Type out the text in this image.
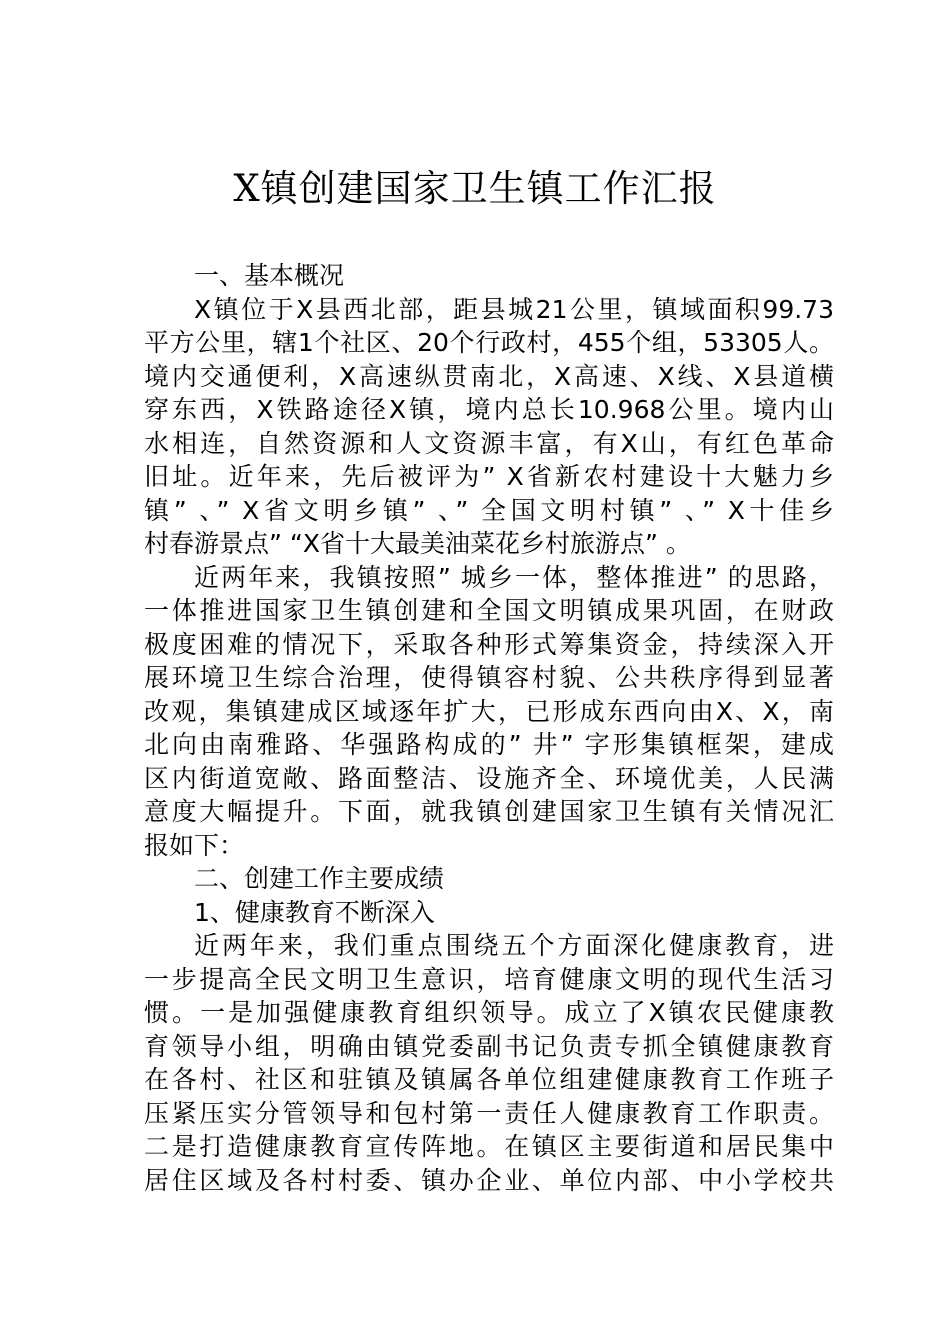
X镇创建国家卫生镇工作汇报
一、基本概况
X镇位于X县西北部，距县城21公里，镇域面积99.73
平方公里，辖1个社区、20个行政村，455个组，53305人。
境内交通便利，X高速纵贯南北，X高速、X线、X县道横
穿东西，X铁路途径X镇，境内总长10.968公里。境内山
水相连，自然资源和人文资源丰富，有X山，有红色革命
旧址。近年来，先后被评为” X省新农村建设十大魅力乡
镇” 、” X省文明乡镇” 、” 全国文明村镇” 、” X十佳乡
村春游景点” “X省十大最美油菜花乡村旅游点” 。
近两年来，我镇按照” 城乡一体，整体推进” 的思路，
一体推进国家卫生镇创建和全国文明镇成果巩固，在财政
极度困难的情况下，采取各种形式筹集资金，持续深入开
展环境卫生综合治理，使得镇容村貌、公共秩序得到显著
改观，集镇建成区域逐年扩大，已形成东西向由X、X，南
北向由南雅路、华强路构成的” 井” 字形集镇框架，建成
区内街道宽敞、路面整洁、设施齐全、环境优美，人民满
意度大幅提升。下面，就我镇创建国家卫生镇有关情况汇
报如下：
二、创建工作主要成绩
1、健康教育不断深入
近两年来，我们重点围绕五个方面深化健康教育，进
一步提高全民文明卫生意识，培育健康文明的现代生活习
惯。一是加强健康教育组织领导。成立了X镇农民健康教
育领导小组，明确由镇党委副书记负责专抓全镇健康教育
在各村、社区和驻镇及镇属各单位组建健康教育工作班子
压紧压实分管领导和包村第一责任人健康教育工作职责。
二是打造健康教育宣传阵地。在镇区主要街道和居民集中
居住区域及各村村委、镇办企业、单位内部、中小学校共
